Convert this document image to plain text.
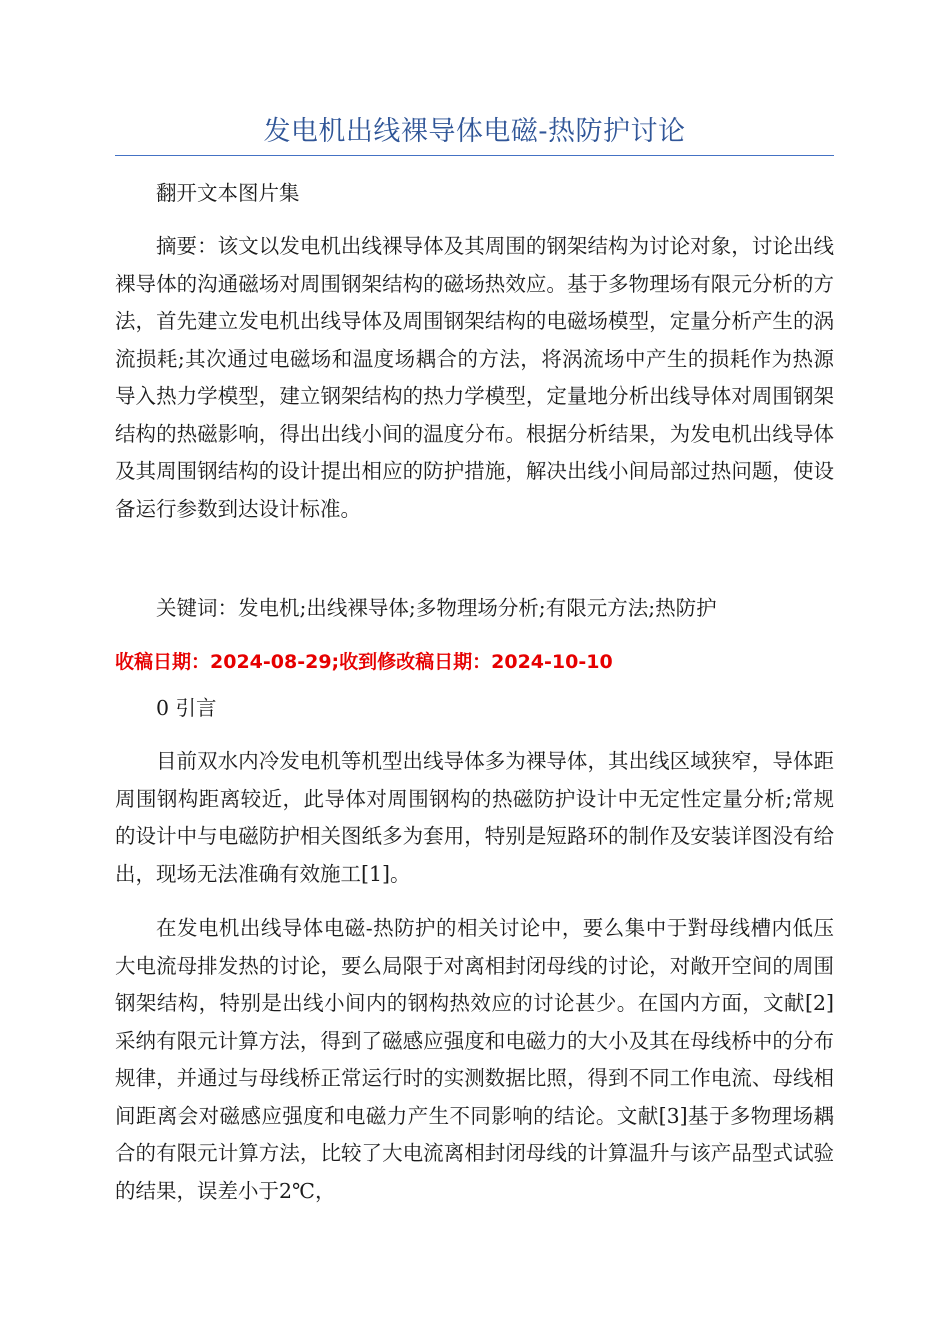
发电机出线裸导体电磁-热防护讨论

翻开文本图片集

摘要：该文以发电机出线裸导体及其周围的钢架结构为讨论对象，讨论出线裸导体的沟通磁场对周围钢架结构的磁场热效应。基于多物理场有限元分析的方法，首先建立发电机出线导体及周围钢架结构的电磁场模型，定量分析产生的涡流损耗;其次通过电磁场和温度场耦合的方法，将涡流场中产生的损耗作为热源导入热力学模型，建立钢架结构的热力学模型，定量地分析出线导体对周围钢架结构的热磁影响，得出出线小间的温度分布。根据分析结果，为发电机出线导体及其周围钢结构的设计提出相应的防护措施，解决出线小间局部过热问题，使设备运行参数到达设计标准。

关键词：发电机;出线裸导体;多物理场分析;有限元方法;热防护

收稿日期：2024-08-29;收到修改稿日期：2024-10-10

0 引言

目前双水内冷发电机等机型出线导体多为裸导体，其出线区域狭窄，导体距周围钢构距离较近，此导体对周围钢构的热磁防护设计中无定性定量分析;常规的设计中与电磁防护相关图纸多为套用，特别是短路环的制作及安装详图没有给出，现场无法准确有效施工[1]。

在发电机出线导体电磁-热防护的相关讨论中，要么集中于對母线槽内低压大电流母排发热的讨论，要么局限于对离相封闭母线的讨论，对敞开空间的周围钢架结构，特别是出线小间内的钢构热效应的讨论甚少。在国内方面，文献[2]采纳有限元计算方法，得到了磁感应强度和电磁力的大小及其在母线桥中的分布规律，并通过与母线桥正常运行时的实测数据比照，得到不同工作电流、母线相间距离会对磁感应强度和电磁力产生不同影响的结论。文献[3]基于多物理场耦合的有限元计算方法，比较了大电流离相封闭母线的计算温升与该产品型式试验的结果，误差小于2℃，
